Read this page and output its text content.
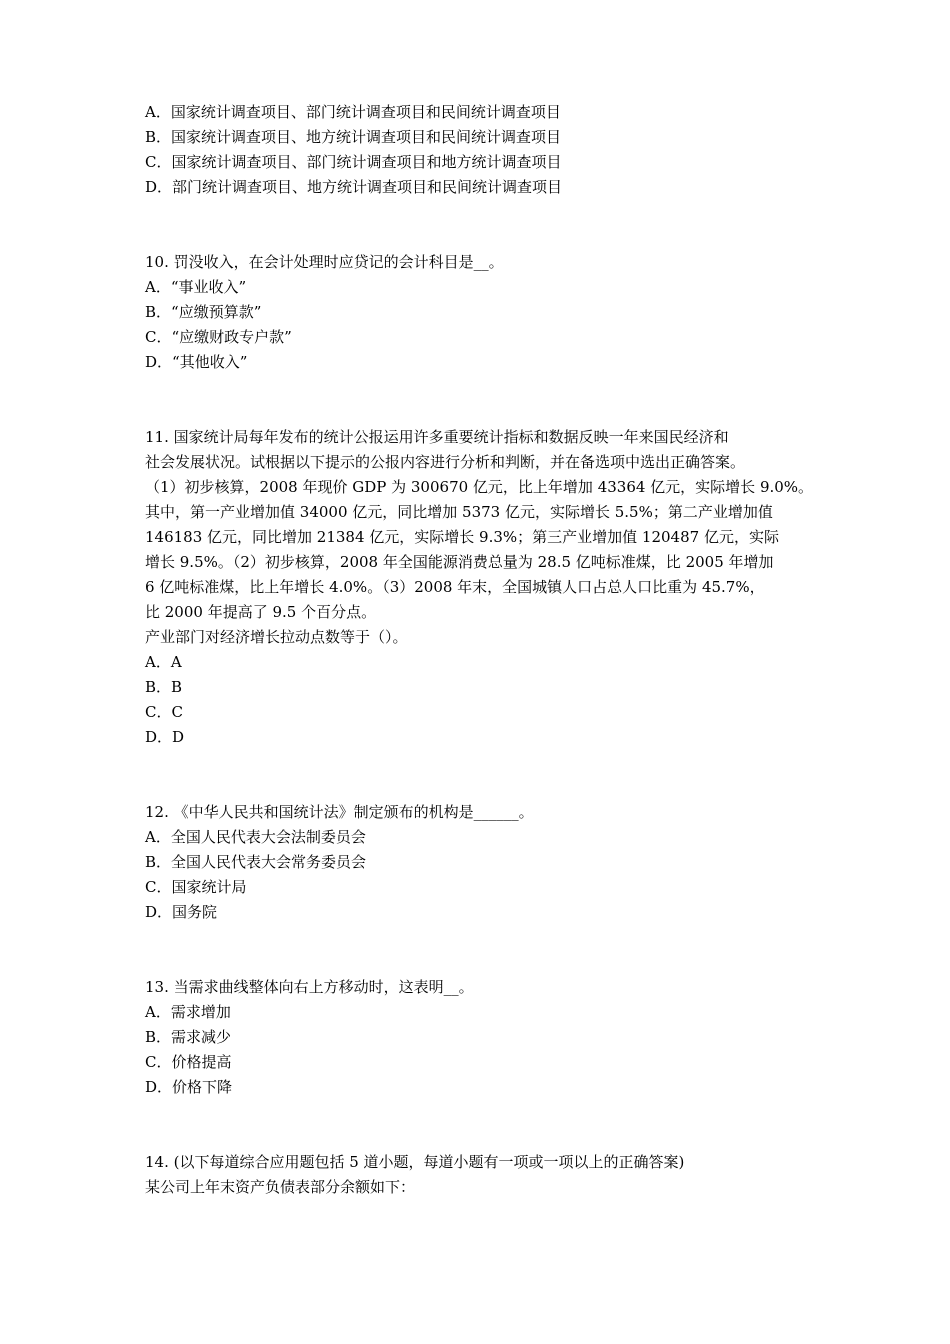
A．国家统计调查项目、部门统计调查项目和民间统计调查项目
B．国家统计调查项目、地方统计调查项目和民间统计调查项目
C．国家统计调查项目、部门统计调查项目和地方统计调查项目
D．部门统计调查项目、地方统计调查项目和民间统计调查项目
10. 罚没收入，在会计处理时应贷记的会计科目是__。
A．“事业收入”
B．“应缴预算款”
C．“应缴财政专户款”
D．“其他收入”
11. 国家统计局每年发布的统计公报运用许多重要统计指标和数据反映一年来国民经济和
社会发展状况。试根据以下提示的公报内容进行分析和判断，并在备选项中选出正确答案。
（1）初步核算，2008 年现价 GDP 为 300670 亿元，比上年增加 43364 亿元，实际增长 9.0%。
其中，第一产业增加值 34000 亿元，同比增加 5373 亿元，实际增长 5.5%；第二产业增加值
146183 亿元，同比增加 21384 亿元，实际增长 9.3%；第三产业增加值 120487 亿元，实际
增长 9.5%。（2）初步核算，2008 年全国能源消费总量为 28.5 亿吨标准煤，比 2005 年增加
6 亿吨标准煤，比上年增长 4.0%。（3）2008 年末，全国城镇人口占总人口比重为 45.7%，
比 2000 年提高了 9.5 个百分点。
产业部门对经济增长拉动点数等于（）。
A．A
B．B
C．C
D．D
12. 《中华人民共和国统计法》制定颁布的机构是______。
A．全国人民代表大会法制委员会
B．全国人民代表大会常务委员会
C．国家统计局
D．国务院
13. 当需求曲线整体向右上方移动时，这表明__。
A．需求增加
B．需求减少
C．价格提高
D．价格下降
14. (以下每道综合应用题包括 5 道小题，每道小题有一项或一项以上的正确答案)
某公司上年末资产负债表部分余额如下：
